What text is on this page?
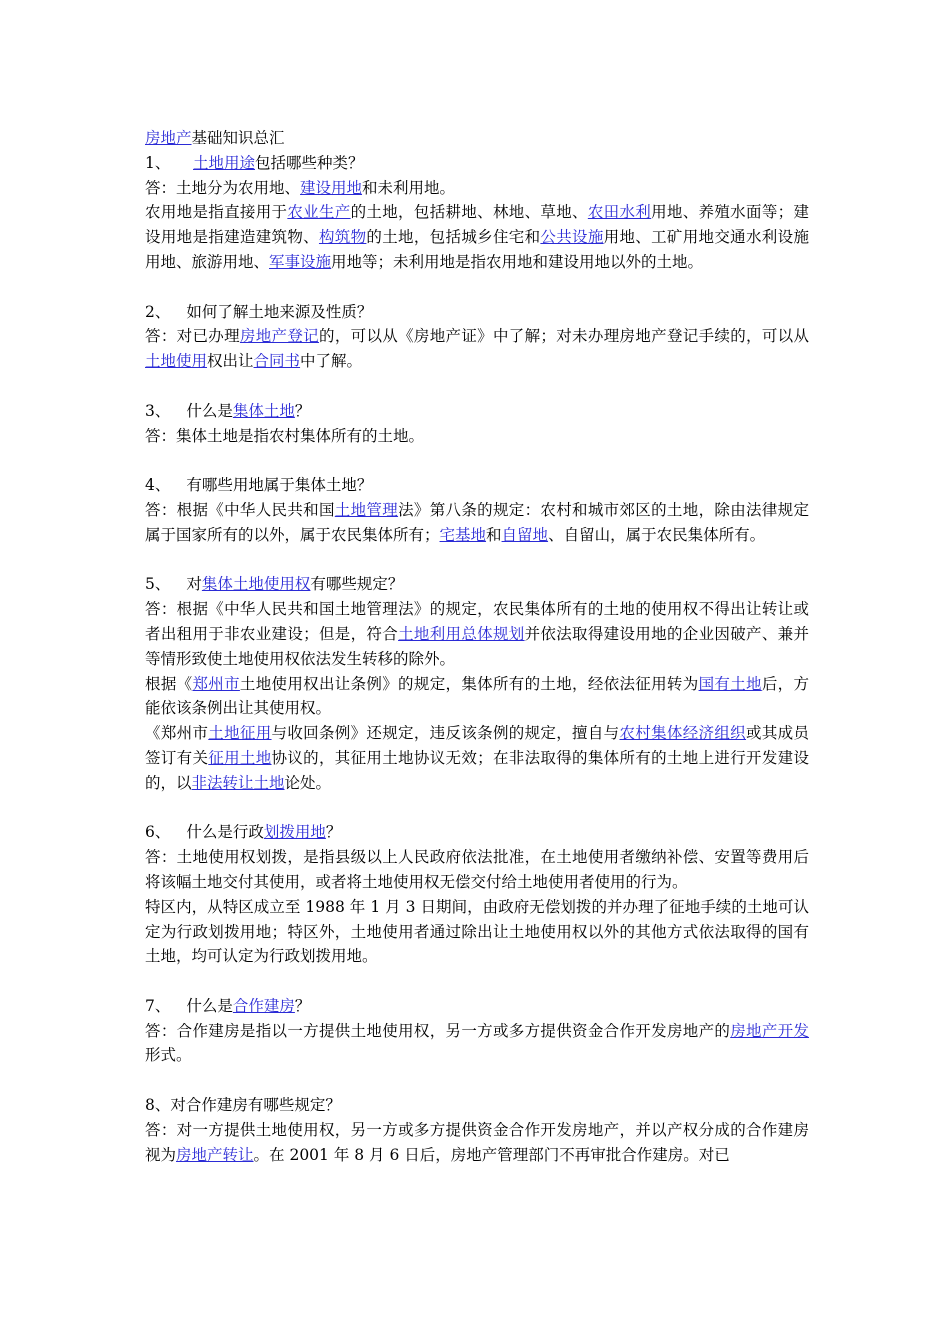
房地产基础知识总汇

1、 土地用途包括哪些种类？

答：土地分为农用地、建设用地和未利用地。

农用地是指直接用于农业生产的土地，包括耕地、林地、草地、农田水利用地、养殖水面等；建设用地是指建造建筑物、构筑物的土地，包括城乡住宅和公共设施用地、工矿用地交通水利设施用地、旅游用地、军事设施用地等；未利用地是指农用地和建设用地以外的土地。

2、 如何了解土地来源及性质？

答：对已办理房地产登记的，可以从《房地产证》中了解；对未办理房地产登记手续的，可以从土地使用权出让合同书中了解。

3、 什么是集体土地？

答：集体土地是指农村集体所有的土地。

4、 有哪些用地属于集体土地？

答：根据《中华人民共和国土地管理法》第八条的规定：农村和城市郊区的土地，除由法律规定属于国家所有的以外，属于农民集体所有；宅基地和自留地、自留山，属于农民集体所有。

5、 对集体土地使用权有哪些规定？

答：根据《中华人民共和国土地管理法》的规定，农民集体所有的土地的使用权不得出让转让或者出租用于非农业建设；但是，符合土地利用总体规划并依法取得建设用地的企业因破产、兼并等情形致使土地使用权依法发生转移的除外。

根据《郑州市土地使用权出让条例》的规定，集体所有的土地，经依法征用转为国有土地后，方能依该条例出让其使用权。

《郑州市土地征用与收回条例》还规定，违反该条例的规定，擅自与农村集体经济组织或其成员签订有关征用土地协议的，其征用土地协议无效；在非法取得的集体所有的土地上进行开发建设的，以非法转让土地论处。

6、 什么是行政划拨用地？

答：土地使用权划拨，是指县级以上人民政府依法批准，在土地使用者缴纳补偿、安置等费用后将该幅土地交付其使用，或者将土地使用权无偿交付给土地使用者使用的行为。

特区内，从特区成立至 1988 年 1 月 3 日期间，由政府无偿划拨的并办理了征地手续的土地可认定为行政划拨用地；特区外，土地使用者通过除出让土地使用权以外的其他方式依法取得的国有土地，均可认定为行政划拨用地。

7、 什么是合作建房？

答：合作建房是指以一方提供土地使用权，另一方或多方提供资金合作开发房地产的房地产开发形式。

8、对合作建房有哪些规定？

答：对一方提供土地使用权，另一方或多方提供资金合作开发房地产，并以产权分成的合作建房视为房地产转让。在 2001 年 8 月 6 日后，房地产管理部门不再审批合作建房。对已
